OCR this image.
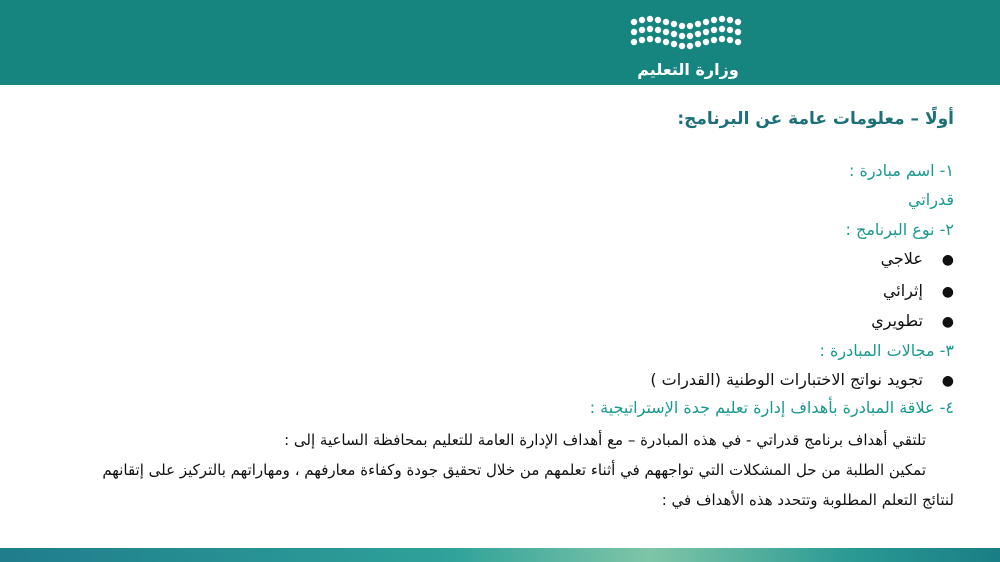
وزارة التعليم
أولًا – معلومات عامة عن البرنامج:
١- اسم مبادرة :
قدراتي
٢- نوع البرنامج :
● علاجي
● إثرائي
● تطويري
٣- مجالات المبادرة :
● تجويد نواتج الاختبارات الوطنية (القدرات )
٤- علاقة المبادرة بأهداف إدارة تعليم جدة الإستراتيجية :
تلتقي أهداف برنامج قدراتي - في هذه المبادرة – مع أهداف الإدارة العامة للتعليم بمحافظة الساعية إلى :
تمكين الطلبة من حل المشكلات التي تواجههم في أثناء تعلمهم من خلال تحقيق جودة وكفاءة معارفهم ، ومهاراتهم بالتركيز على إتقانهم
لنتائج التعلم المطلوبة وتتحدد هذه الأهداف في :
